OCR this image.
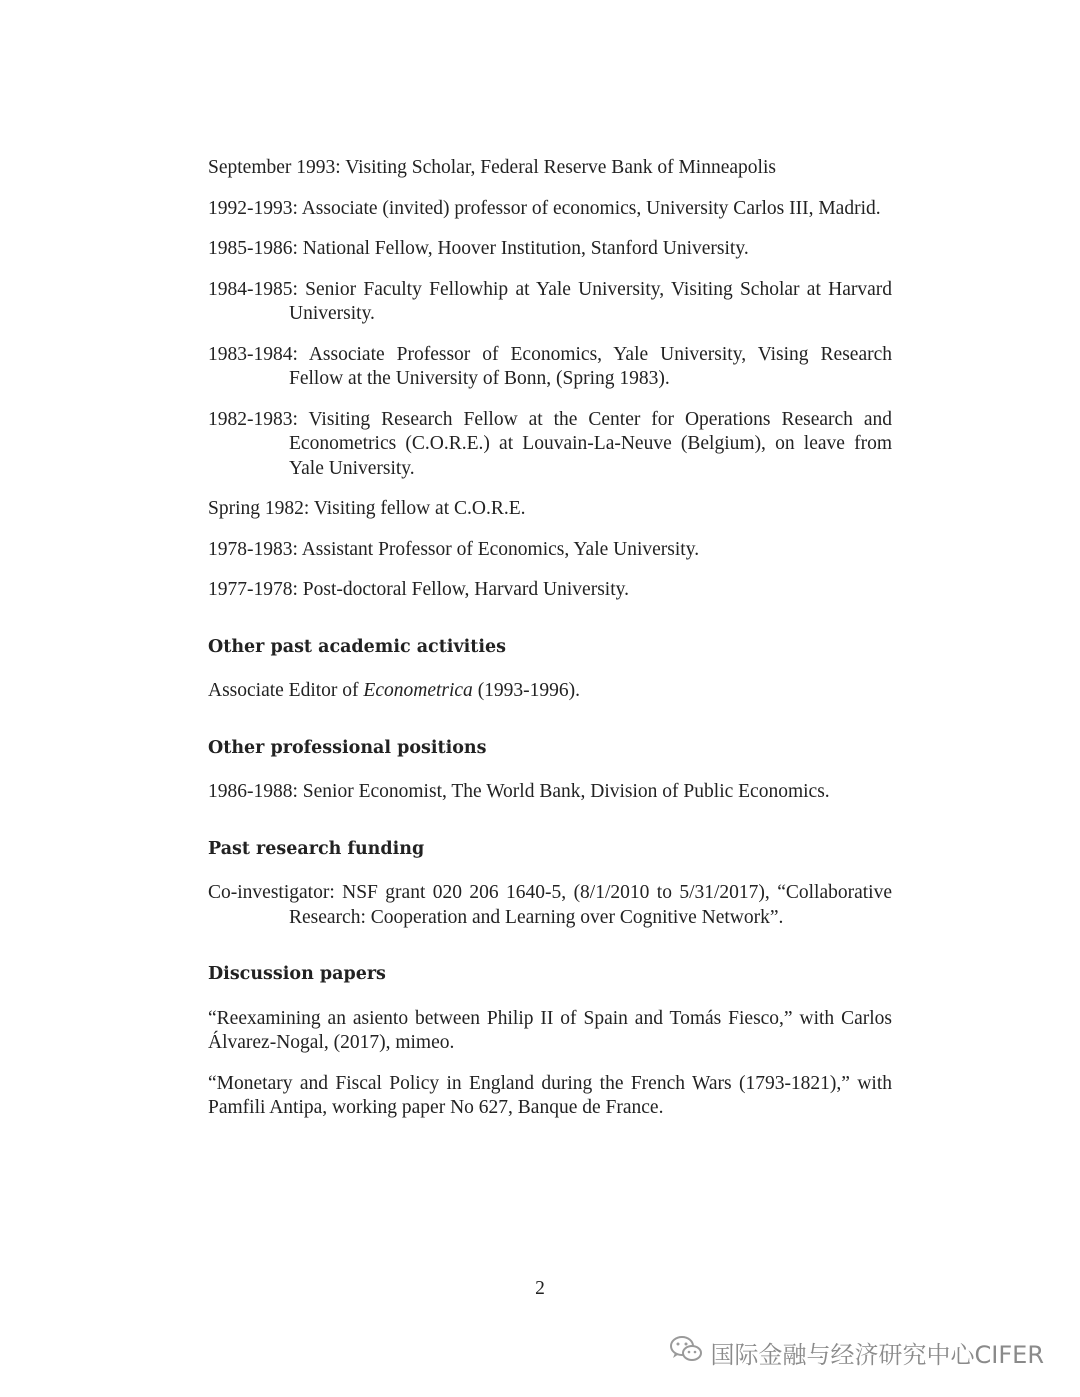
September 1993: Visiting Scholar, Federal Reserve Bank of Minneapolis

1992-1993: Associate (invited) professor of economics, University Carlos III, Madrid.

1985-1986: National Fellow, Hoover Institution, Stanford University.

1984-1985: Senior Faculty Fellowhip at Yale University, Visiting Scholar at Harvard University.

1983-1984: Associate Professor of Economics, Yale University, Vising Research Fellow at the University of Bonn, (Spring 1983).

1982-1983: Visiting Research Fellow at the Center for Operations Research and Econometrics (C.O.R.E.) at Louvain-La-Neuve (Belgium), on leave from Yale University.

Spring 1982: Visiting fellow at C.O.R.E.

1978-1983: Assistant Professor of Economics, Yale University.

1977-1978: Post-doctoral Fellow, Harvard University.

Other past academic activities

Associate Editor of Econometrica (1993-1996).

Other professional positions

1986-1988: Senior Economist, The World Bank, Division of Public Economics.

Past research funding

Co-investigator: NSF grant 020 206 1640-5, (8/1/2010 to 5/31/2017), “Collaborative Research: Cooperation and Learning over Cognitive Network”.

Discussion papers

“Reexamining an asiento between Philip II of Spain and Tomás Fiesco,” with Carlos Álvarez-Nogal, (2017), mimeo.

“Monetary and Fiscal Policy in England during the French Wars (1793-1821),” with Pamfili Antipa, working paper No 627, Banque de France.

2
国际金融与经济研究中心CIFER
